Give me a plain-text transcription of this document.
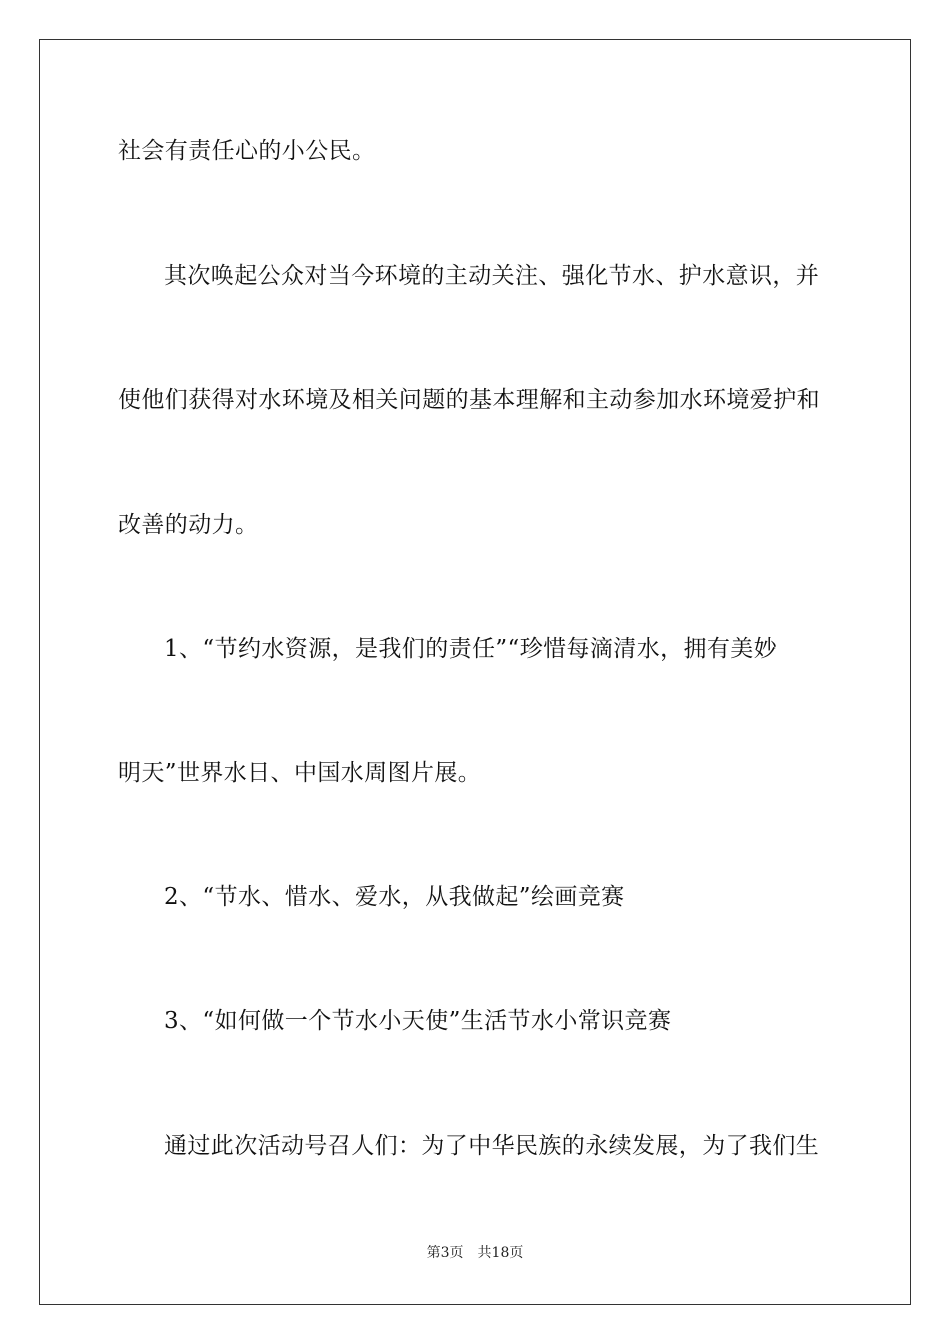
社会有责任心的小公民。
其次唤起公众对当今环境的主动关注、强化节水、护水意识，并
使他们获得对水环境及相关问题的基本理解和主动参加水环境爱护和
改善的动力。
1、“节约水资源，是我们的责任”“珍惜每滴清水，拥有美妙
明天”世界水日、中国水周图片展。
2、“节水、惜水、爱水，从我做起”绘画竞赛
3、“如何做一个节水小天使”生活节水小常识竞赛
通过此次活动号召人们：为了中华民族的永续发展，为了我们生
第3页 共18页
